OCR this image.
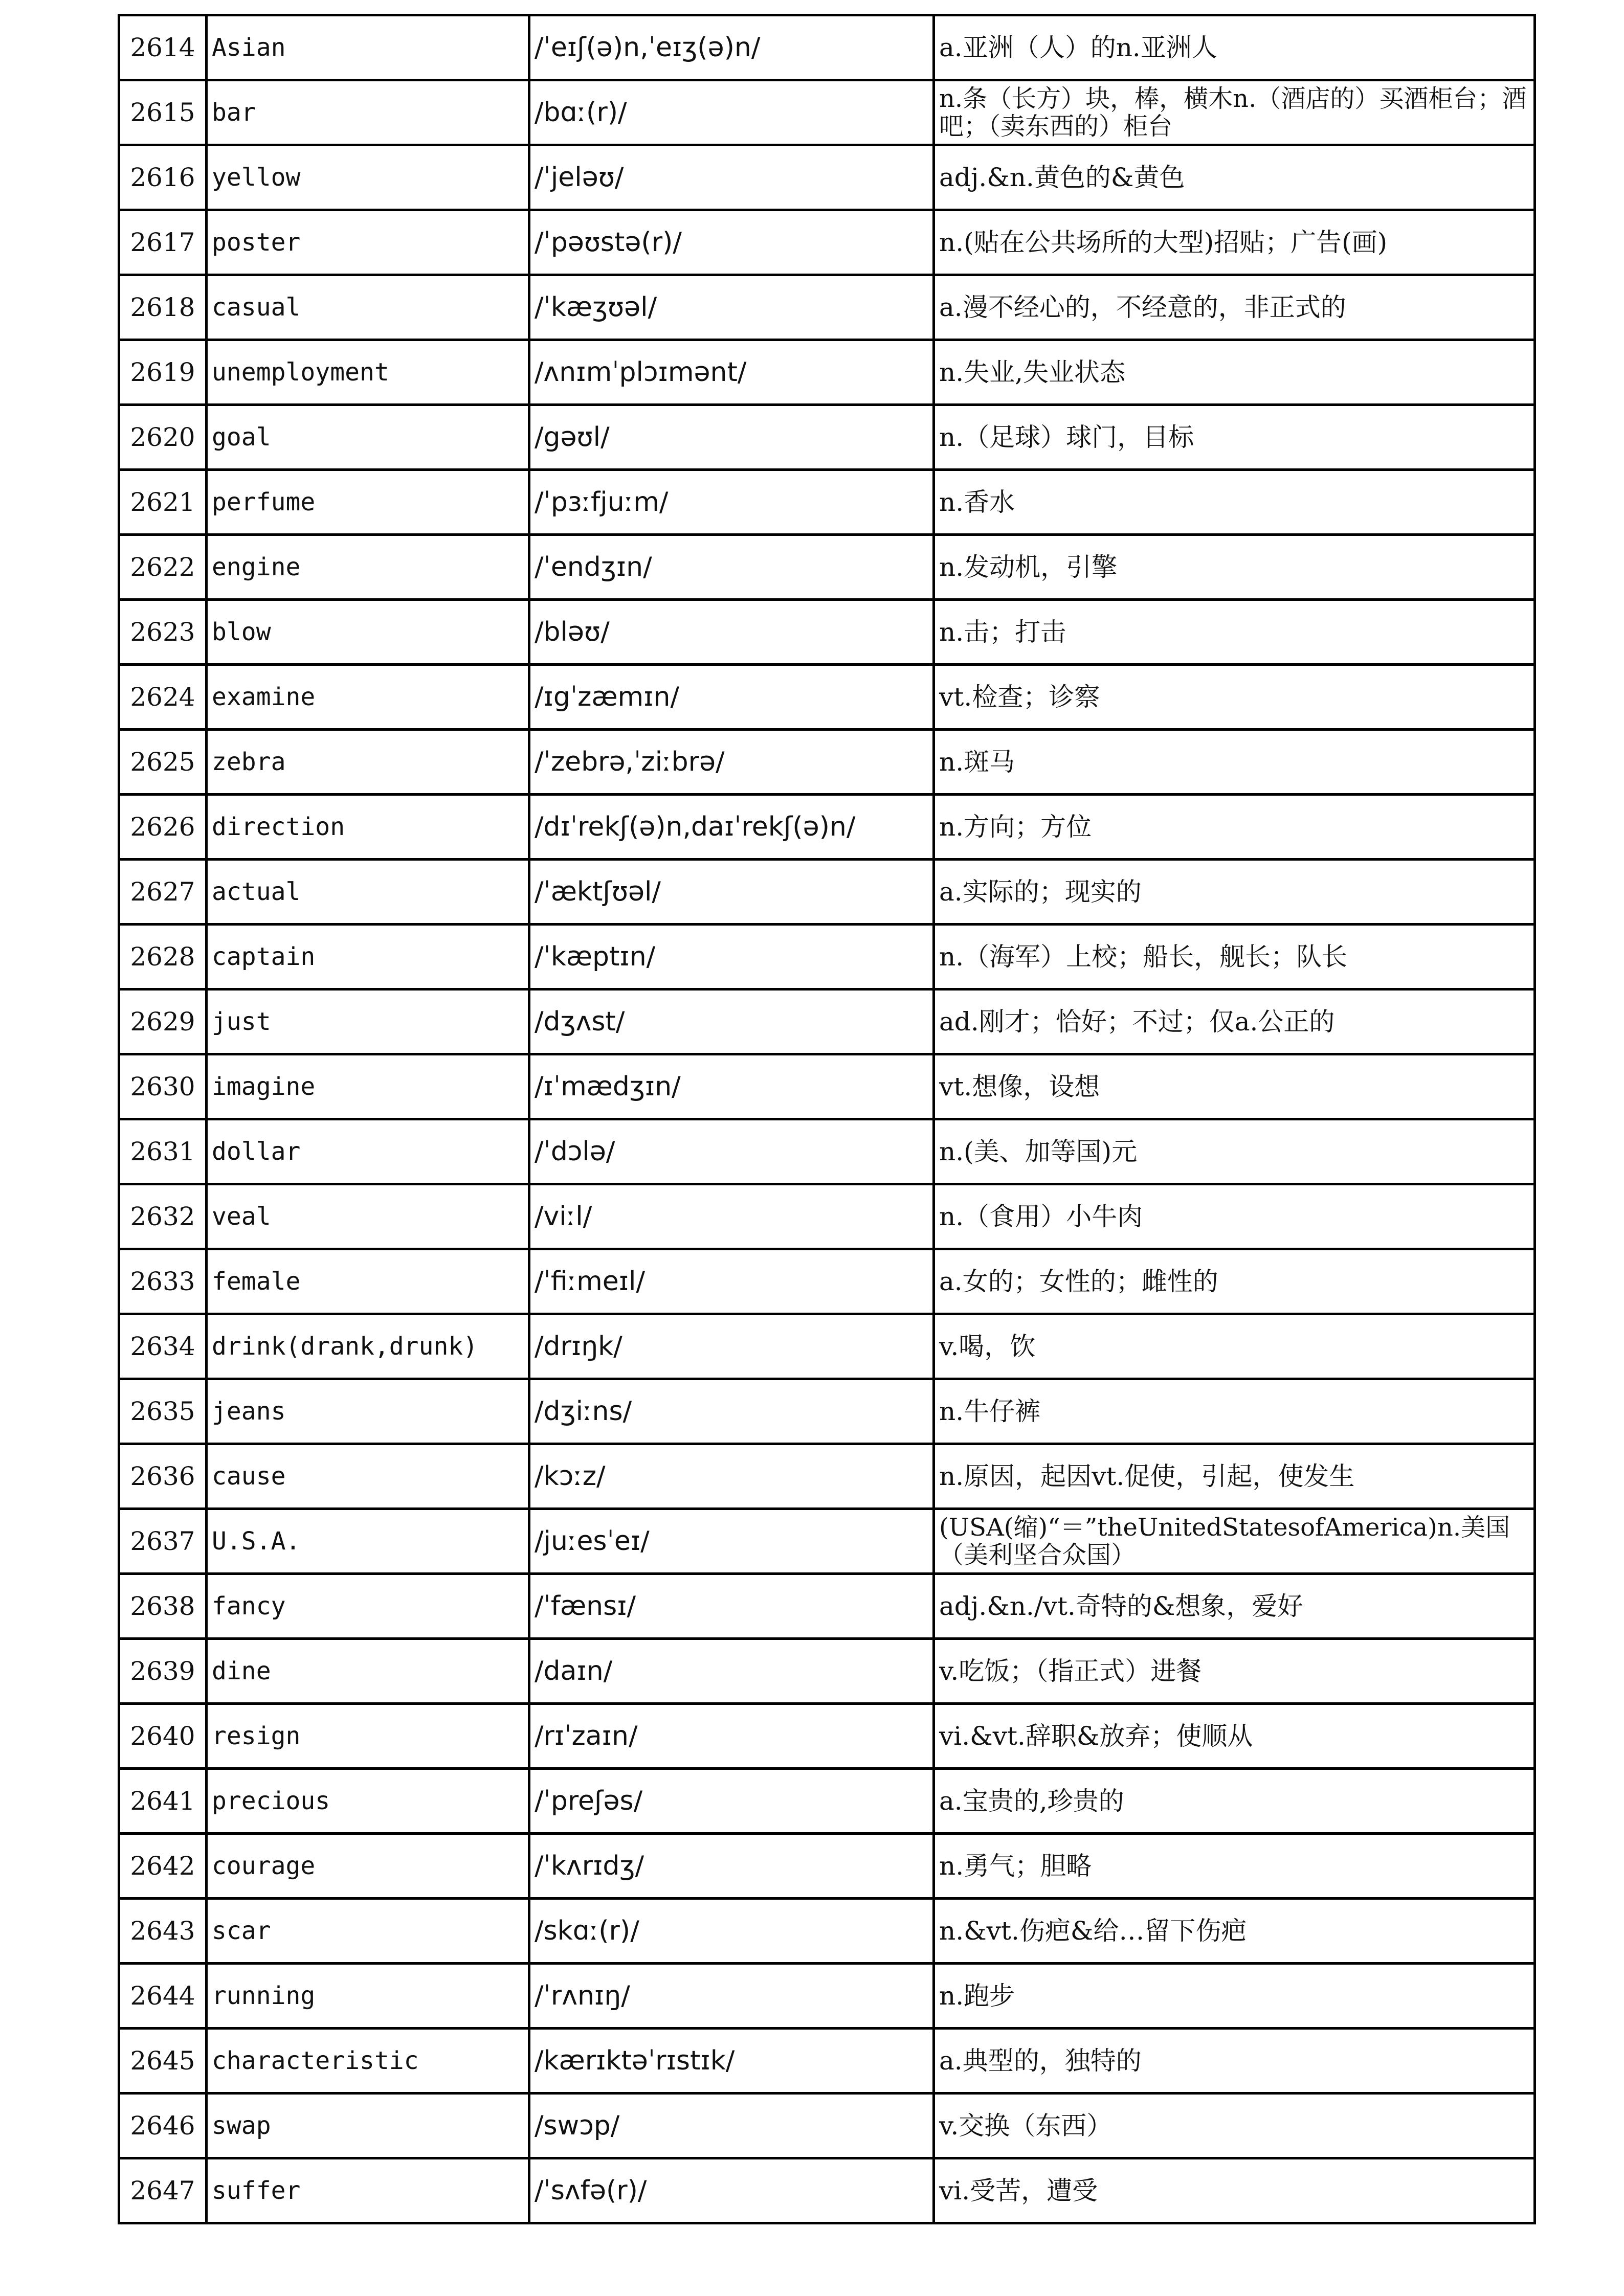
2614	Asian	/ˈeɪʃ(ə)n,ˈeɪʒ(ə)n/	a.亚洲（人）的n.亚洲人
2615	bar	/bɑː(r)/	n.条（长方）块，棒，横木n.（酒店的）买酒柜台；酒吧；（卖东西的）柜台
2616	yellow	/ˈjeləʊ/	adj.&n.黄色的&黄色
2617	poster	/ˈpəʊstə(r)/	n.(贴在公共场所的大型)招贴；广告(画)
2618	casual	/ˈkæʒʊəl/	a.漫不经心的，不经意的，非正式的
2619	unemployment	/ʌnɪmˈplɔɪmənt/	n.失业,失业状态
2620	goal	/gəʊl/	n.（足球）球门，目标
2621	perfume	/ˈpɜːfjuːm/	n.香水
2622	engine	/ˈendʒɪn/	n.发动机，引擎
2623	blow	/bləʊ/	n.击；打击
2624	examine	/ɪgˈzæmɪn/	vt.检查；诊察
2625	zebra	/ˈzebrə,ˈziːbrə/	n.斑马
2626	direction	/dɪˈrekʃ(ə)n,daɪˈrekʃ(ə)n/	n.方向；方位
2627	actual	/ˈæktʃʊəl/	a.实际的；现实的
2628	captain	/ˈkæptɪn/	n.（海军）上校；船长，舰长；队长
2629	just	/dʒʌst/	ad.刚才；恰好；不过；仅a.公正的
2630	imagine	/ɪˈmædʒɪn/	vt.想像，设想
2631	dollar	/ˈdɔlə/	n.(美、加等国)元
2632	veal	/viːl/	n.（食用）小牛肉
2633	female	/ˈfiːmeɪl/	a.女的；女性的；雌性的
2634	drink(drank,drunk)	/drɪŋk/	v.喝，饮
2635	jeans	/dʒiːns/	n.牛仔裤
2636	cause	/kɔːz/	n.原因，起因vt.促使，引起，使发生
2637	U.S.A.	/juːesˈeɪ/	(USA(缩)“＝”theUnitedStatesofAmerica)n.美国（美利坚合众国）
2638	fancy	/ˈfænsɪ/	adj.&n./vt.奇特的&想象，爱好
2639	dine	/daɪn/	v.吃饭；（指正式）进餐
2640	resign	/rɪˈzaɪn/	vi.&vt.辞职&放弃；使顺从
2641	precious	/ˈpreʃəs/	a.宝贵的,珍贵的
2642	courage	/ˈkʌrɪdʒ/	n.勇气；胆略
2643	scar	/skɑː(r)/	n.&vt.伤疤&给…留下伤疤
2644	running	/ˈrʌnɪŋ/	n.跑步
2645	characteristic	/kærɪktəˈrɪstɪk/	a.典型的，独特的
2646	swap	/swɔp/	v.交换（东西）
2647	suffer	/ˈsʌfə(r)/	vi.受苦，遭受
